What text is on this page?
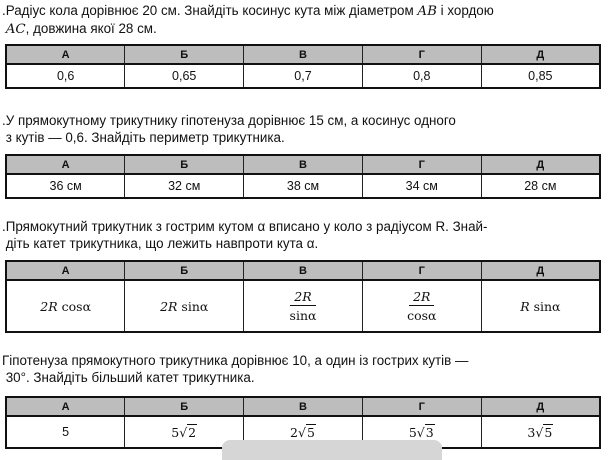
.Радіус кола дорівнює 20 см. Знайдіть косинус кута між діаметром AB і хордою
AC, довжина якої 28 см.

А	Б	В	Г	Д
0,6	0,65	0,7	0,8	0,85

.У прямокутному трикутнику гіпотенуза дорівнює 15 см, а косинус одного
з кутів — 0,6. Знайдіть периметр трикутника.

А	Б	В	Г	Д
36 см	32 см	38 см	34 см	28 см

.Прямокутний трикутник з гострим кутом α вписано у коло з радіусом R. Знай-
діть катет трикутника, що лежить навпроти кута α.

А	Б	В	Г	Д
2R cosα	2R sinα	$\frac{2R}{\sin\alpha}$	$\frac{2R}{\cos\alpha}$	R sinα

Гіпотенуза прямокутного трикутника дорівнює 10, а один із гострих кутів —
30°. Знайдіть більший катет трикутника.

А	Б	В	Г	Д
5	5√2	2√5	5√3	3√5
